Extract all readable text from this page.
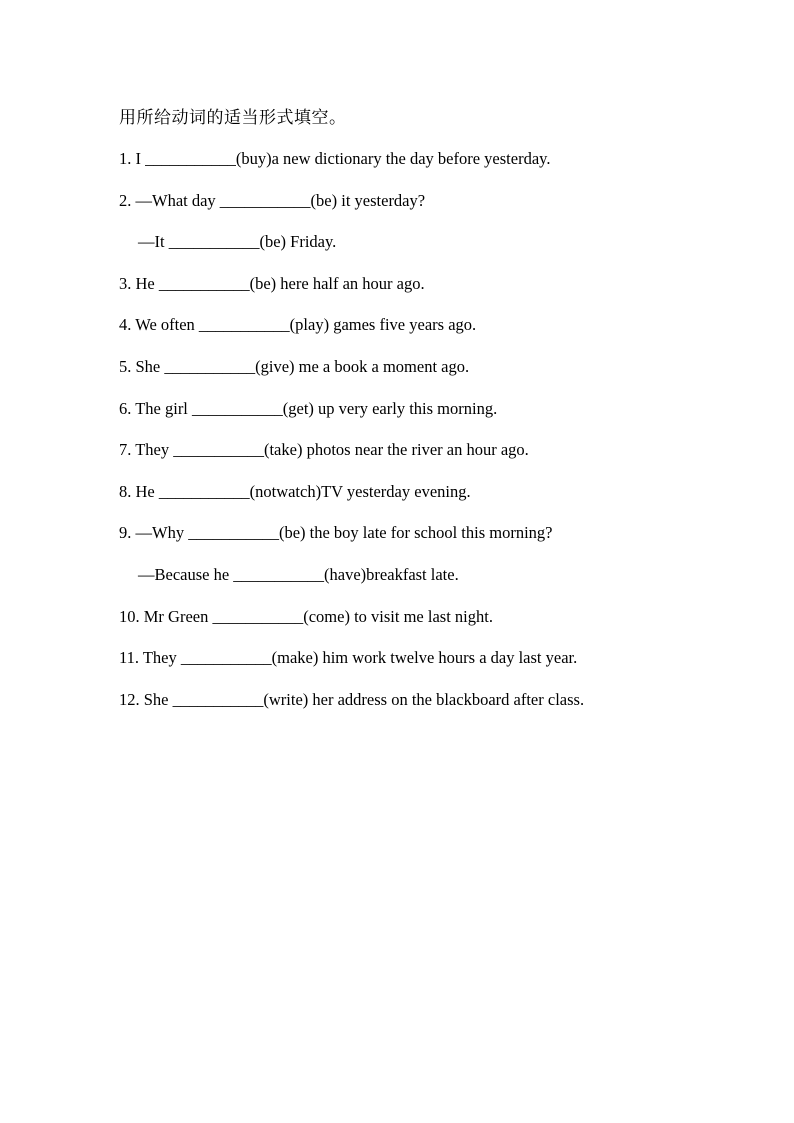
用所给动词的适当形式填空。
1. I ___________(buy)a new dictionary the day before yesterday.
2. —What day ___________(be) it yesterday?
—It ___________(be) Friday.
3. He ___________(be) here half an hour ago.
4. We often ___________(play) games five years ago.
5. She ___________(give) me a book a moment ago.
6. The girl ___________(get) up very early this morning.
7. They ___________(take) photos near the river an hour ago.
8. He ___________(notwatch)TV yesterday evening.
9. —Why ___________(be) the boy late for school this morning?
—Because he ___________(have)breakfast late.
10. Mr Green ___________(come) to visit me last night.
11. They ___________(make) him work twelve hours a day last year.
12. She ___________(write) her address on the blackboard after class.
